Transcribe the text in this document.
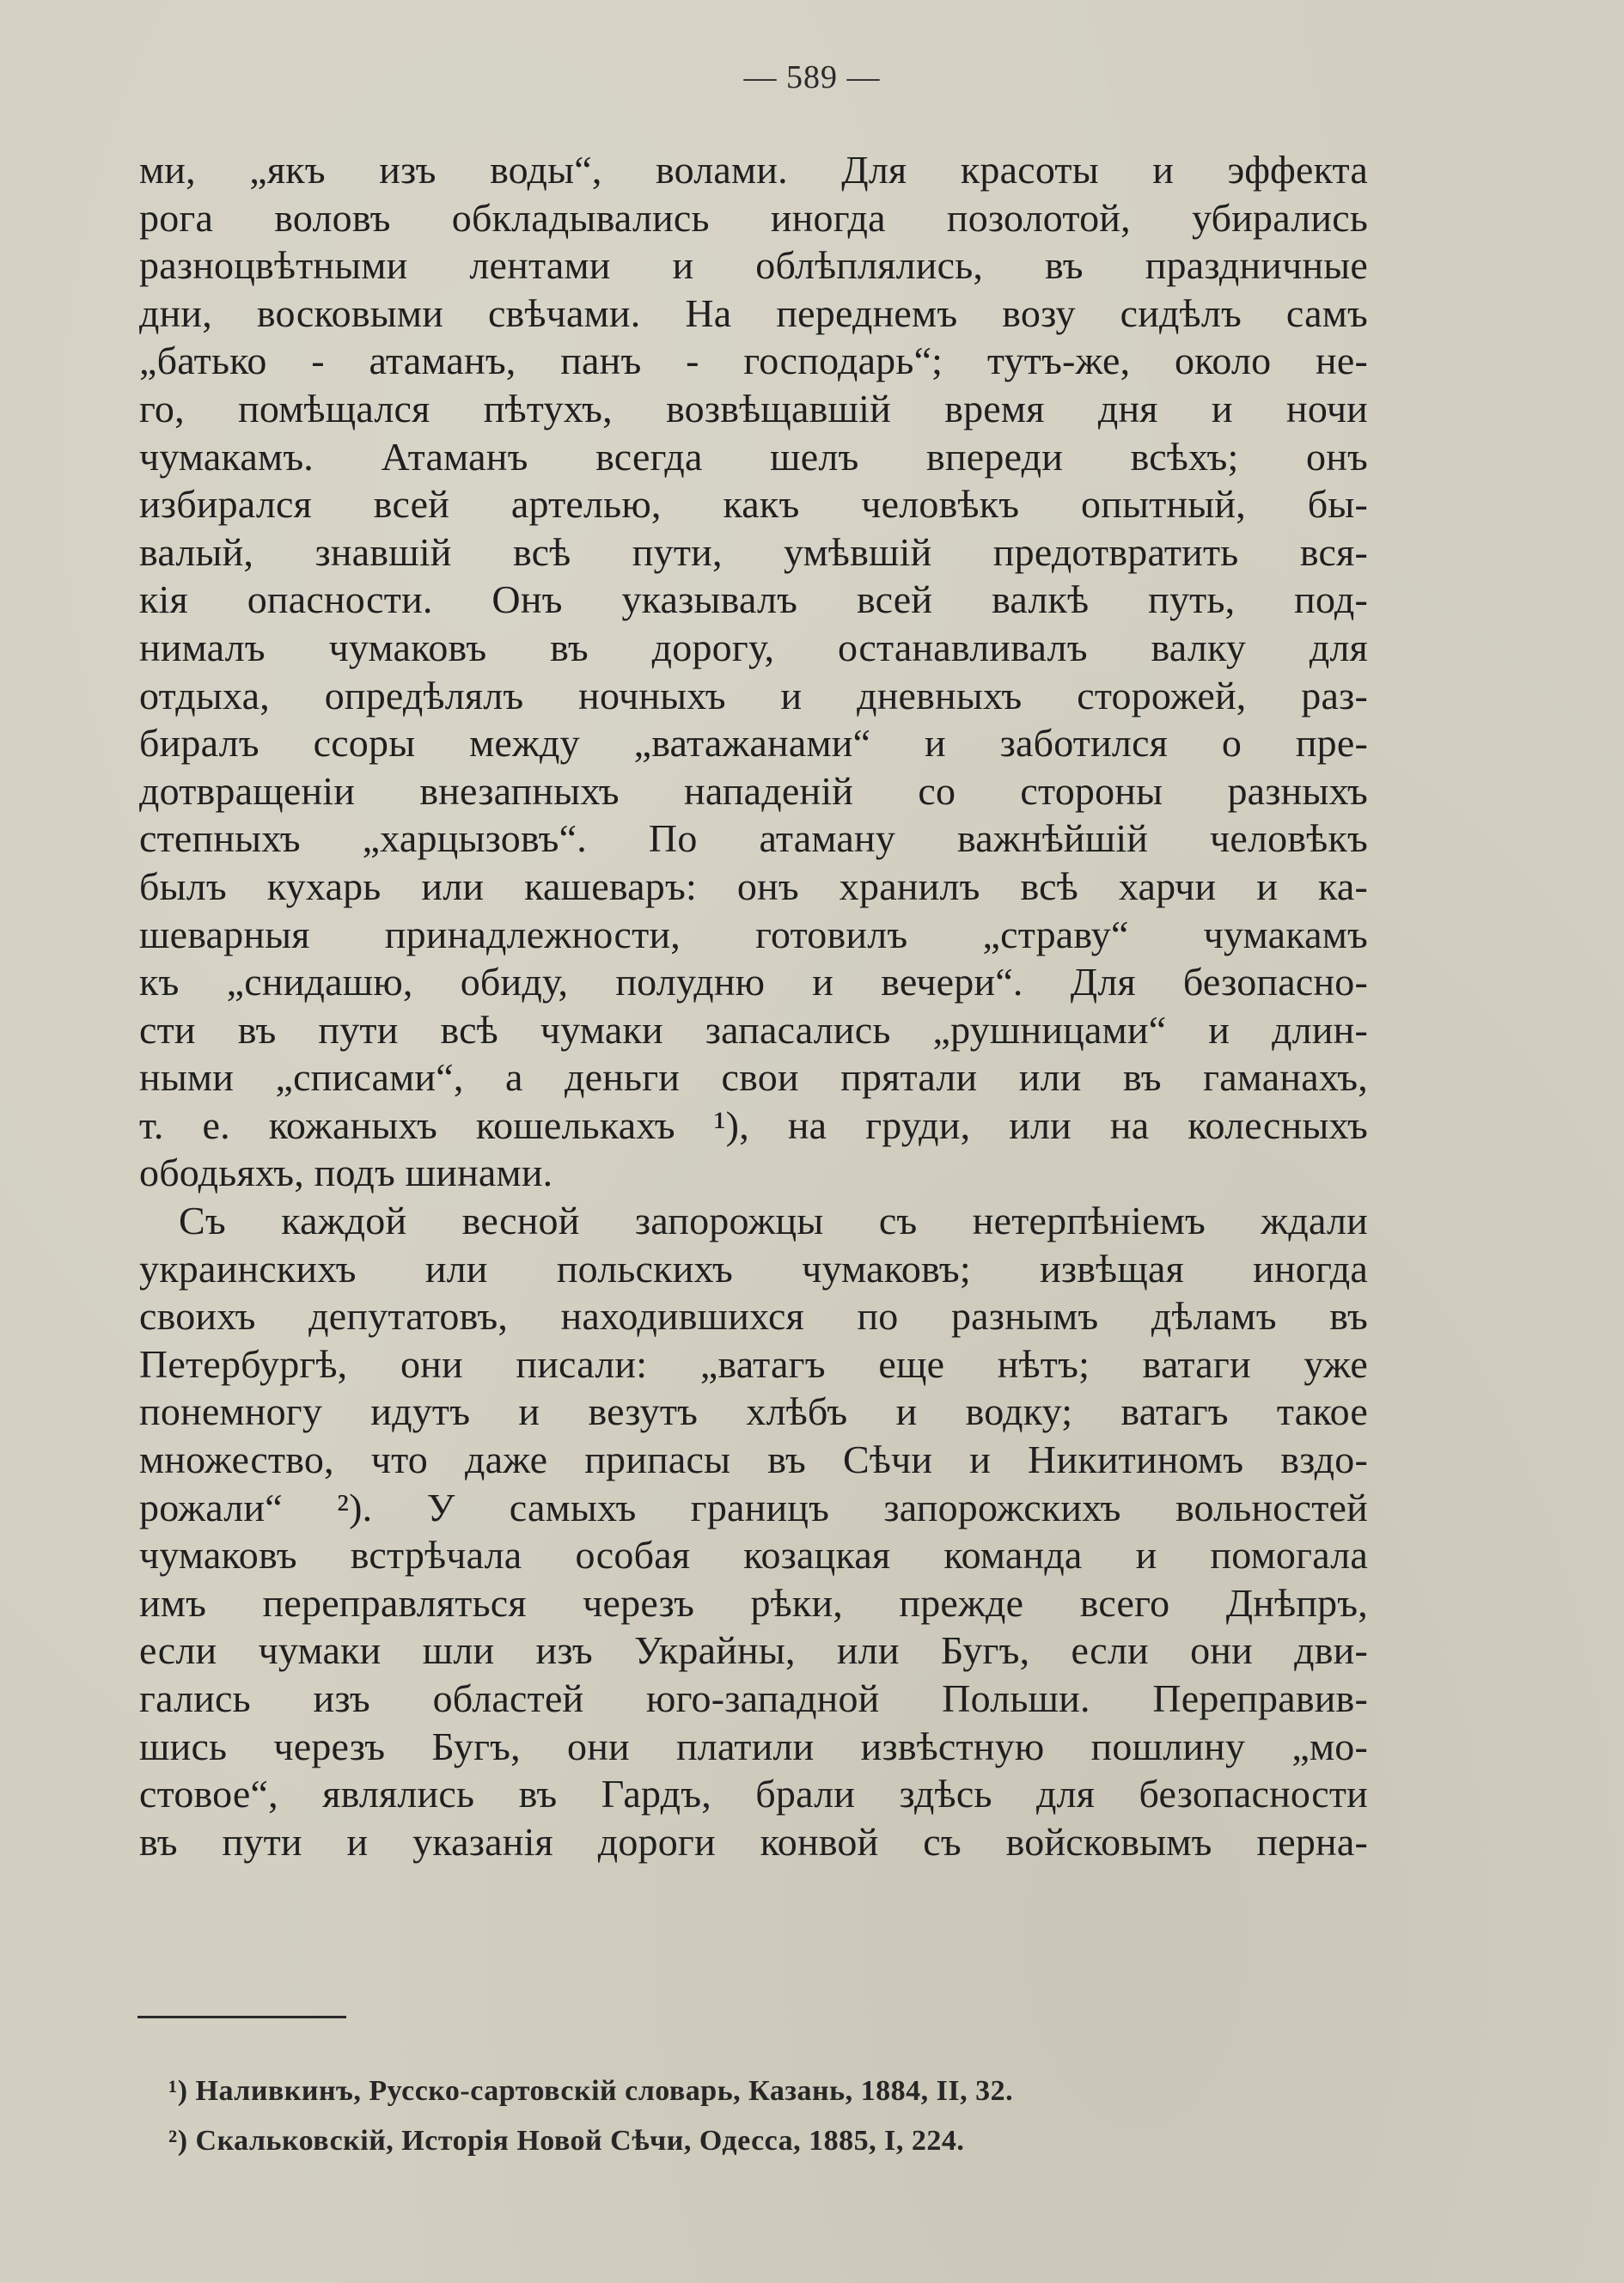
— 589 —
ми, „якъ изъ воды“, волами. Для красоты и эффекта
рога воловъ обкладывались иногда позолотой, убирались
разноцвѣтными лентами и облѣплялись, въ праздничные
дни, восковыми свѣчами. На переднемъ возу сидѣлъ самъ
„батько - атаманъ, панъ - господарь“; тутъ-же, около не-
го, помѣщался пѣтухъ, возвѣщавшій время дня и ночи
чумакамъ. Атаманъ всегда шелъ впереди всѣхъ; онъ
избирался всей артелью, какъ человѣкъ опытный, бы-
валый, знавшій всѣ пути, умѣвшій предотвратить вся-
кія опасности. Онъ указывалъ всей валкѣ путь, под-
нималъ чумаковъ въ дорогу, останавливалъ валку для
отдыха, опредѣлялъ ночныхъ и дневныхъ сторожей, раз-
биралъ ссоры между „ватажанами“ и заботился о пре-
дотвращеніи внезапныхъ нападеній со стороны разныхъ
степныхъ „харцызовъ“. По атаману важнѣйшій человѣкъ
былъ кухарь или кашеваръ: онъ хранилъ всѣ харчи и ка-
шеварныя принадлежности, готовилъ „страву“ чумакамъ
къ „снидашю, обиду, полудню и вечери“. Для безопасно-
сти въ пути всѣ чумаки запасались „рушницами“ и длин-
ными „списами“, а деньги свои прятали или въ гаманахъ,
т. е. кожаныхъ кошелькахъ ¹), на груди, или на колесныхъ
ободьяхъ, подъ шинами.
Съ каждой весной запорожцы съ нетерпѣніемъ ждали
украинскихъ или польскихъ чумаковъ; извѣщая иногда
своихъ депутатовъ, находившихся по разнымъ дѣламъ въ
Петербургѣ, они писали: „ватагъ еще нѣтъ; ватаги уже
понемногу идутъ и везутъ хлѣбъ и водку; ватагъ такое
множество, что даже припасы въ Сѣчи и Никитиномъ вздо-
рожали“ ²). У самыхъ границъ запорожскихъ вольностей
чумаковъ встрѣчала особая козацкая команда и помогала
имъ переправляться черезъ рѣки, прежде всего Днѣпръ,
если чумаки шли изъ Украйны, или Бугъ, если они дви-
гались изъ областей юго-западной Польши. Переправив-
шись черезъ Бугъ, они платили извѣстную пошлину „мо-
стовое“, являлись въ Гардъ, брали здѣсь для безопасности
въ пути и указанія дороги конвой съ войсковымъ перна-
¹) Наливкинъ, Русско-сартовскій словарь, Казань, 1884, II, 32.
²) Скальковскій, Исторія Новой Сѣчи, Одесса, 1885, I, 224.
